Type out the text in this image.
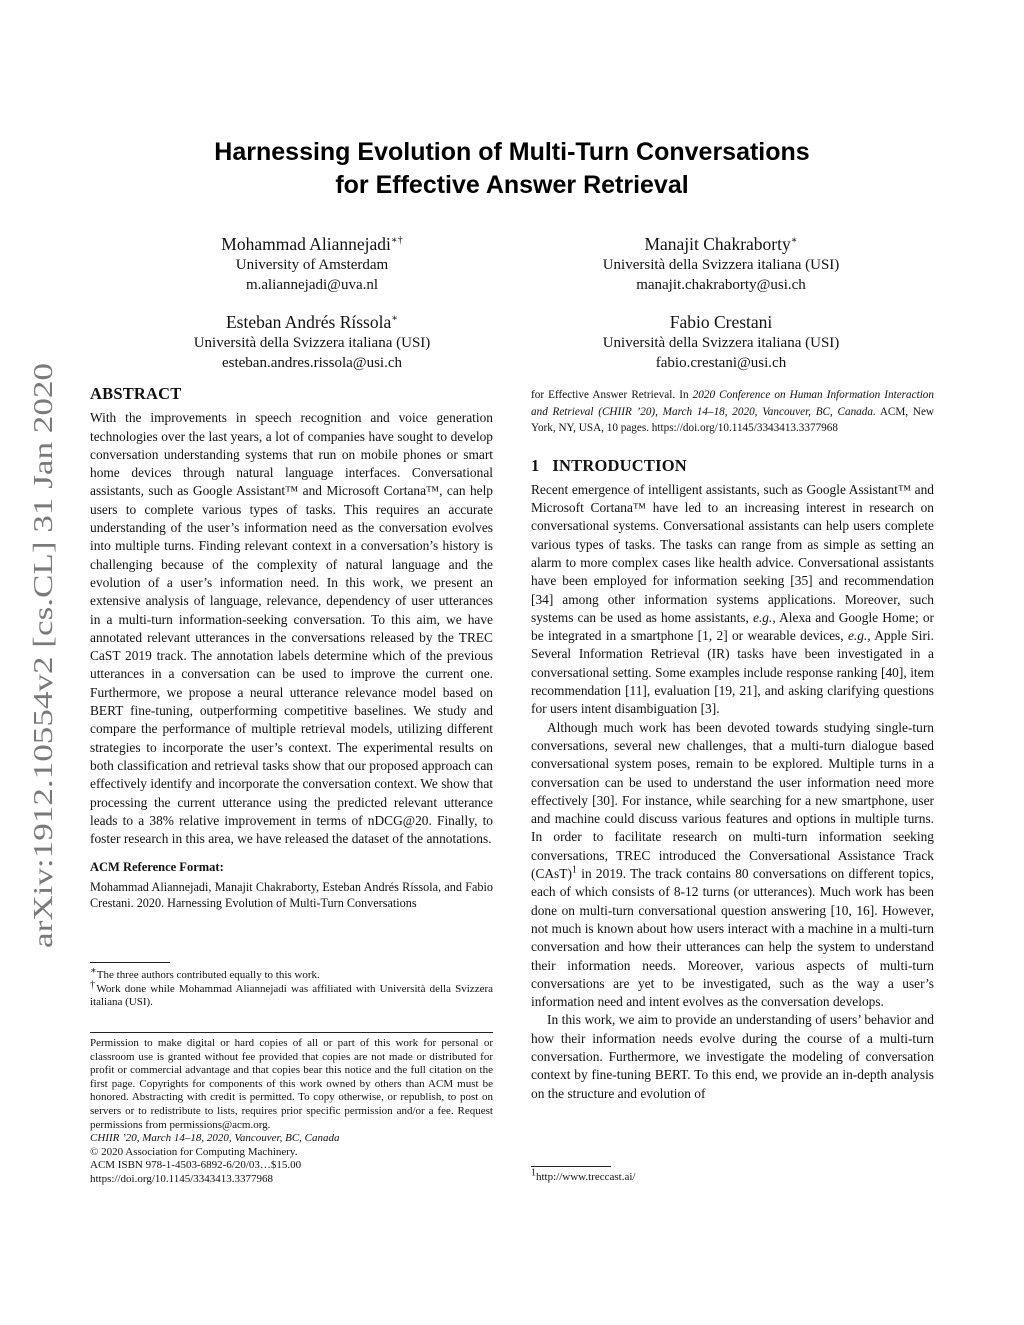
arXiv:1912.10554v2 [cs.CL] 31 Jan 2020
Harnessing Evolution of Multi-Turn Conversations
for Effective Answer Retrieval
Mohammad Aliannejadi∗†
University of Amsterdam
m.aliannejadi@uva.nl
Manajit Chakraborty∗
Università della Svizzera italiana (USI)
manajit.chakraborty@usi.ch
Esteban Andrés Ríssola∗
Università della Svizzera italiana (USI)
esteban.andres.rissola@usi.ch
Fabio Crestani
Università della Svizzera italiana (USI)
fabio.crestani@usi.ch
ABSTRACT

With the improvements in speech recognition and voice generation technologies over the last years, a lot of companies have sought to develop conversation understanding systems that run on mobile phones or smart home devices through natural language interfaces. Conversational assistants, such as Google Assistant™ and Microsoft Cortana™, can help users to complete various types of tasks. This requires an accurate understanding of the user’s information need as the conversation evolves into multiple turns. Finding relevant context in a conversation’s history is challenging because of the complexity of natural language and the evolution of a user’s information need. In this work, we present an extensive analysis of language, relevance, dependency of user utterances in a multi-turn information-seeking conversation. To this aim, we have annotated relevant utterances in the conversations released by the TREC CaST 2019 track. The annotation labels determine which of the previous utterances in a conversation can be used to improve the current one. Furthermore, we propose a neural utterance relevance model based on BERT fine-tuning, outperforming competitive baselines. We study and compare the performance of multiple retrieval models, utilizing different strategies to incorporate the user’s context. The experimental results on both classification and retrieval tasks show that our proposed approach can effectively identify and incorporate the conversation context. We show that processing the current utterance using the predicted relevant utterance leads to a 38% relative improvement in terms of nDCG@20. Finally, to foster research in this area, we have released the dataset of the annotations.

ACM Reference Format:
Mohammad Aliannejadi, Manajit Chakraborty, Esteban Andrés Ríssola, and Fabio Crestani. 2020. Harnessing Evolution of Multi-Turn Conversations
∗The three authors contributed equally to this work.
†Work done while Mohammad Aliannejadi was affiliated with Università della Svizzera italiana (USI).
Permission to make digital or hard copies of all or part of this work for personal or classroom use is granted without fee provided that copies are not made or distributed for profit or commercial advantage and that copies bear this notice and the full citation on the first page. Copyrights for components of this work owned by others than ACM must be honored. Abstracting with credit is permitted. To copy otherwise, or republish, to post on servers or to redistribute to lists, requires prior specific permission and/or a fee. Request permissions from permissions@acm.org.
CHIIR ’20, March 14–18, 2020, Vancouver, BC, Canada
© 2020 Association for Computing Machinery.
ACM ISBN 978-1-4503-6892-6/20/03…$15.00
https://doi.org/10.1145/3343413.3377968
for Effective Answer Retrieval. In 2020 Conference on Human Information Interaction and Retrieval (CHIIR ’20), March 14–18, 2020, Vancouver, BC, Canada. ACM, New York, NY, USA, 10 pages. https://doi.org/10.1145/3343413.3377968
1   INTRODUCTION

Recent emergence of intelligent assistants, such as Google Assistant™ and Microsoft Cortana™ have led to an increasing interest in research on conversational systems. Conversational assistants can help users complete various types of tasks. The tasks can range from as simple as setting an alarm to more complex cases like health advice. Conversational assistants have been employed for information seeking [35] and recommendation [34] among other information systems applications. Moreover, such systems can be used as home assistants, e.g., Alexa and Google Home; or be integrated in a smartphone [1, 2] or wearable devices, e.g., Apple Siri. Several Information Retrieval (IR) tasks have been investigated in a conversational setting. Some examples include response ranking [40], item recommendation [11], evaluation [19, 21], and asking clarifying questions for users intent disambiguation [3].

Although much work has been devoted towards studying single-turn conversations, several new challenges, that a multi-turn dialogue based conversational system poses, remain to be explored. Multiple turns in a conversation can be used to understand the user information need more effectively [30]. For instance, while searching for a new smartphone, user and machine could discuss various features and options in multiple turns. In order to facilitate research on multi-turn information seeking conversations, TREC introduced the Conversational Assistance Track (CAsT)$^1$ in 2019. The track contains 80 conversations on different topics, each of which consists of 8-12 turns (or utterances). Much work has been done on multi-turn conversational question answering [10, 16]. However, not much is known about how users interact with a machine in a multi-turn conversation and how their utterances can help the system to understand their information needs. Moreover, various aspects of multi-turn conversations are yet to be investigated, such as the way a user’s information need and intent evolves as the conversation develops.

In this work, we aim to provide an understanding of users’ behavior and how their information needs evolve during the course of a multi-turn conversation. Furthermore, we investigate the modeling of conversation context by fine-tuning BERT. To this end, we provide an in-depth analysis on the structure and evolution of

$^1$http://www.treccast.ai/
